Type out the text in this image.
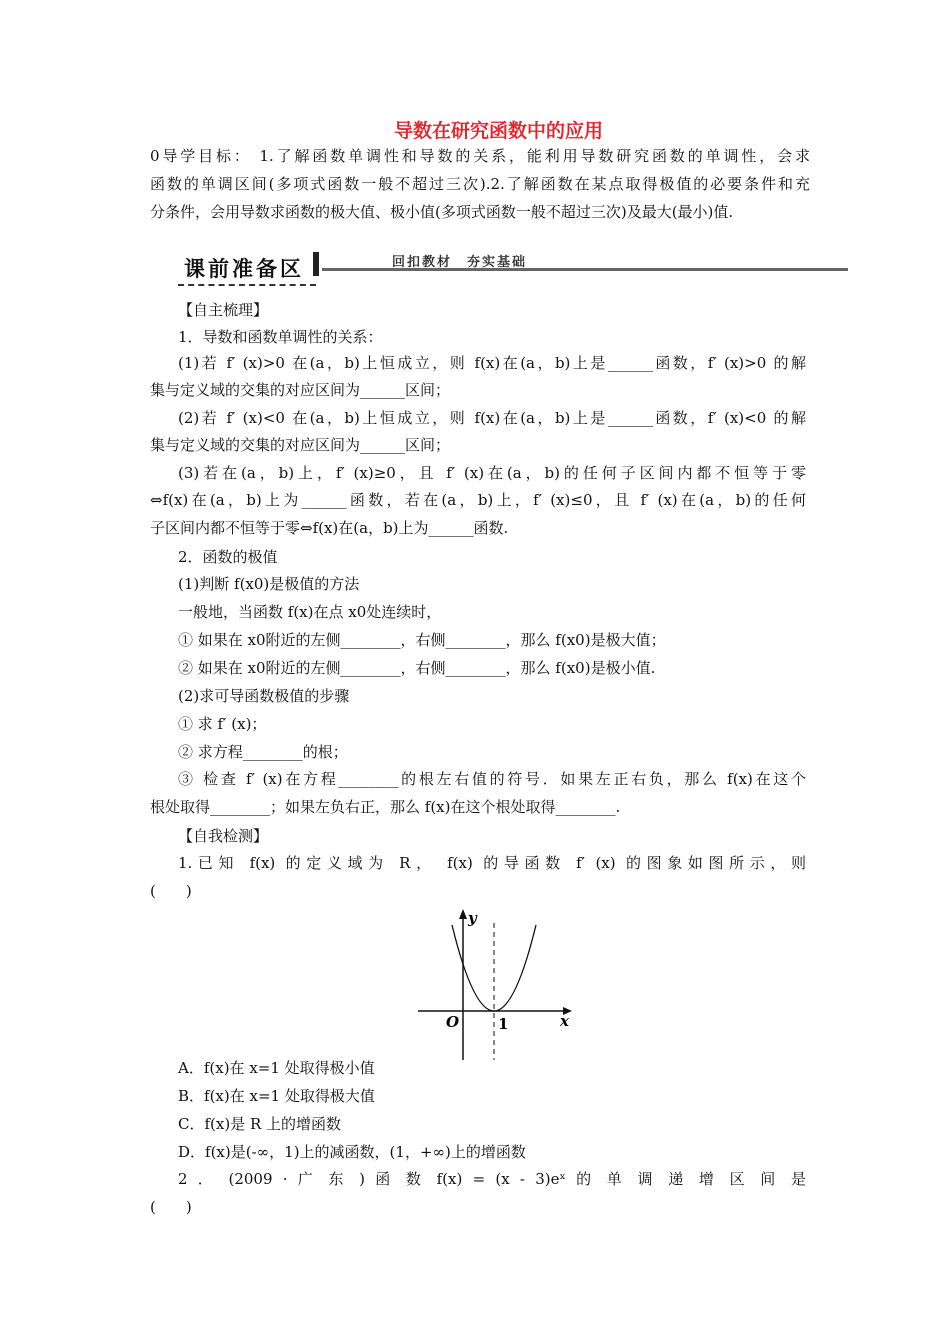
导数在研究函数中的应用
0导学目标： 1.了解函数单调性和导数的关系，能利用导数研究函数的单调性，会求
函数的单调区间(多项式函数一般不超过三次).2.了解函数在某点取得极值的必要条件和充
分条件，会用导数求函数的极大值、极小值(多项式函数一般不超过三次)及最大(最小)值.
课前准备区	回扣教材　夯实基础
【自主梳理】
1．导数和函数单调性的关系：
(1)若 f′ (x)>0 在(a，b)上恒成立，则 f(x)在(a，b)上是______函数，f′ (x)>0 的解
集与定义域的交集的对应区间为______区间；
(2)若 f′ (x)<0 在(a，b)上恒成立，则 f(x)在(a，b)上是______函数，f′ (x)<0 的解
集与定义域的交集的对应区间为______区间；
(3)若在(a，b)上，f′ (x)≥0，且 f′ (x)在(a，b)的任何子区间内都不恒等于零
⇔f(x)在(a，b)上为______函数，若在(a，b)上，f′ (x)≤0，且 f′ (x)在(a，b)的任何
子区间内都不恒等于零⇔f(x)在(a，b)上为______函数.
2．函数的极值
(1)判断 f(x0)是极值的方法
一般地，当函数 f(x)在点 x0处连续时，
① 如果在 x0附近的左侧________，右侧________，那么 f(x0)是极大值；
② 如果在 x0附近的左侧________，右侧________，那么 f(x0)是极小值.
(2)求可导函数极值的步骤
① 求 f′ (x)；
② 求方程________的根；
③ 检查 f′ (x)在方程________的根左右值的符号．如果左正右负，那么 f(x)在这个
根处取得________；如果左负右正，那么 f(x)在这个根处取得________.
【自我检测】
1.已知 f(x) 的定义域为 R， f(x) 的导函数 f′ (x) 的图象如图所示，则
(　　)
y
x
O	1
A．f(x)在 x=1 处取得极小值
B．f(x)在 x=1 处取得极大值
C．f(x)是 R 上的增函数
D．f(x)是(-∞，1)上的减函数，(1，+∞)上的增函数
2 ． (2009 · 广 东 ) 函 数 f(x) = (x - 3)eˣ 的 单 调 递 增 区 间 是
(　　)
